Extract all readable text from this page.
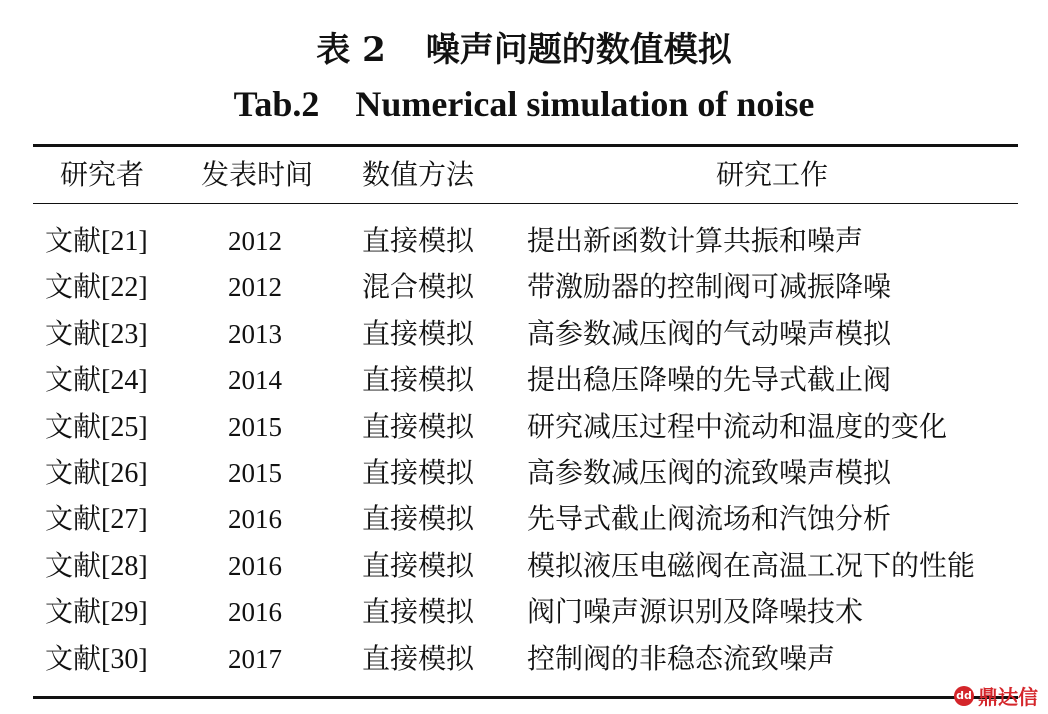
表 2 噪声问题的数值模拟
Tab.2 Numerical simulation of noise
研究者	发表时间	数值方法	研究工作
文献[21]	2012	直接模拟	提出新函数计算共振和噪声
文献[22]	2012	混合模拟	带激励器的控制阀可减振降噪
文献[23]	2013	直接模拟	高参数减压阀的气动噪声模拟
文献[24]	2014	直接模拟	提出稳压降噪的先导式截止阀
文献[25]	2015	直接模拟	研究减压过程中流动和温度的变化
文献[26]	2015	直接模拟	高参数减压阀的流致噪声模拟
文献[27]	2016	直接模拟	先导式截止阀流场和汽蚀分析
文献[28]	2016	直接模拟	模拟液压电磁阀在高温工况下的性能
文献[29]	2016	直接模拟	阀门噪声源识别及降噪技术
文献[30]	2017	直接模拟	控制阀的非稳态流致噪声
dd 鼎达信
